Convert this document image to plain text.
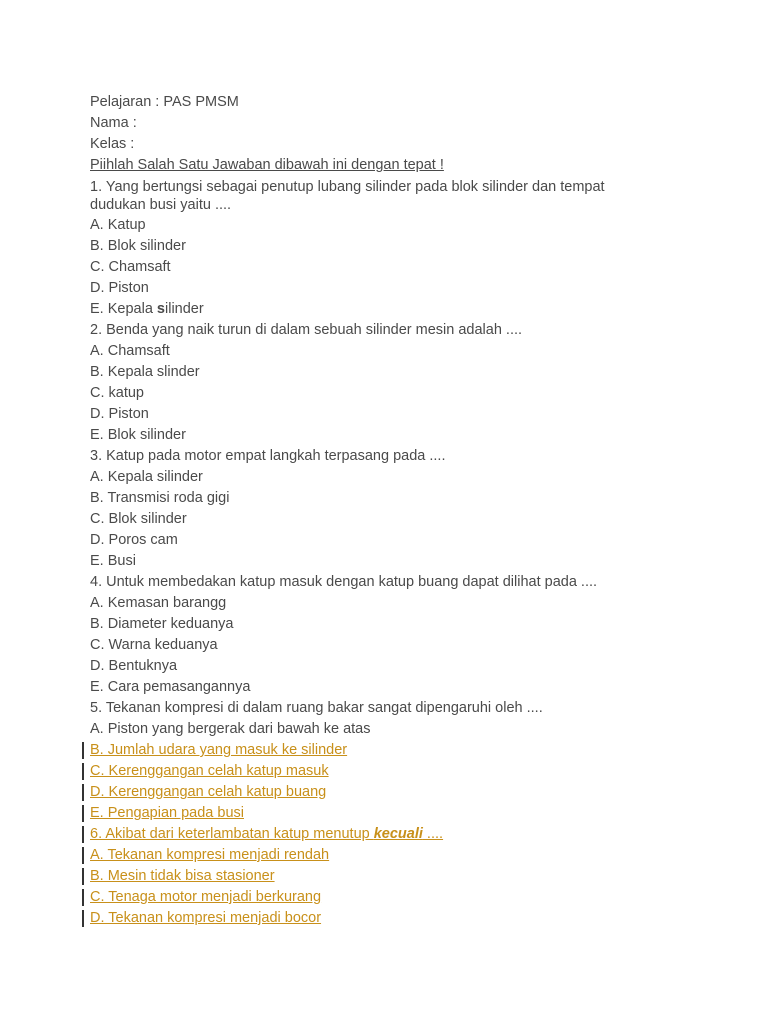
Pelajaran : PAS PMSM
Nama :
Kelas :
Piihlah Salah Satu Jawaban dibawah ini dengan tepat !
1. Yang bertungsi sebagai penutup lubang silinder pada blok silinder dan tempat dudukan busi yaitu ....
A. Katup
B. Blok silinder
C. Chamsaft
D. Piston
E. Kepala silinder
2. Benda yang naik turun di dalam sebuah silinder mesin adalah ....
A. Chamsaft
B. Kepala slinder
C. katup
D. Piston
E. Blok silinder
3. Katup pada motor empat langkah terpasang pada ....
A. Kepala silinder
B. Transmisi roda gigi
C. Blok silinder
D. Poros cam
E. Busi
4. Untuk membedakan katup masuk dengan katup buang dapat dilihat pada ....
A. Kemasan barangg
B. Diameter keduanya
C. Warna keduanya
D. Bentuknya
E. Cara pemasangannya
5. Tekanan kompresi di dalam ruang bakar sangat dipengaruhi oleh ....
A. Piston yang bergerak dari bawah ke atas
B. Jumlah udara yang masuk ke silinder
C. Kerenggangan celah katup masuk
D. Kerenggangan celah katup buang
E. Pengapian pada busi
6. Akibat dari keterlambatan katup menutup kecuali ....
A. Tekanan kompresi menjadi rendah
B. Mesin tidak bisa stasioner
C. Tenaga motor menjadi berkurang
D. Tekanan kompresi menjadi bocor
